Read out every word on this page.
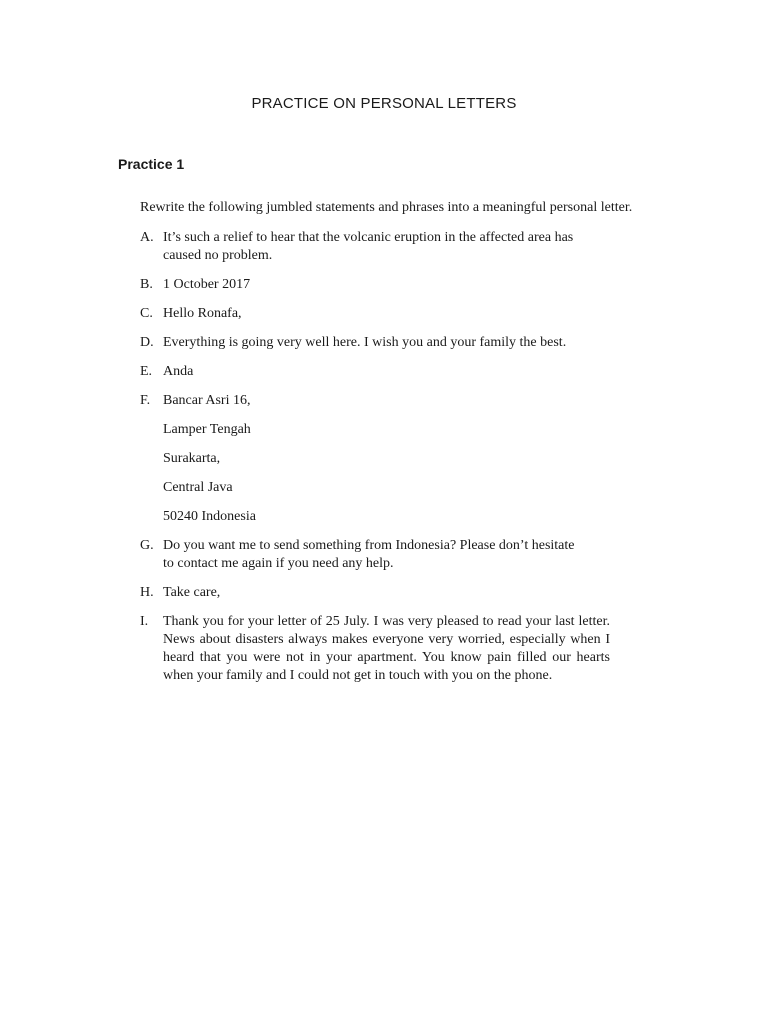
PRACTICE ON PERSONAL LETTERS
Practice 1

Rewrite the following jumbled statements and phrases into a meaningful personal letter.

A. It’s such a relief to hear that the volcanic eruption in the affected area has caused no problem.
B. 1 October 2017
C. Hello Ronafa,
D. Everything is going very well here. I wish you and your family the best.
E. Anda
F. Bancar Asri 16,
Lamper Tengah
Surakarta,
Central Java
50240 Indonesia
G. Do you want me to send something from Indonesia? Please don’t hesitate to contact me again if you need any help.
H. Take care,
I.	Thank you for your letter of 25 July. I was very pleased to read your last letter. News about disasters always makes everyone very worried, especially when I heard that you were not in your apartment. You know pain filled our hearts when your family and I could not get in touch with you on the phone.
